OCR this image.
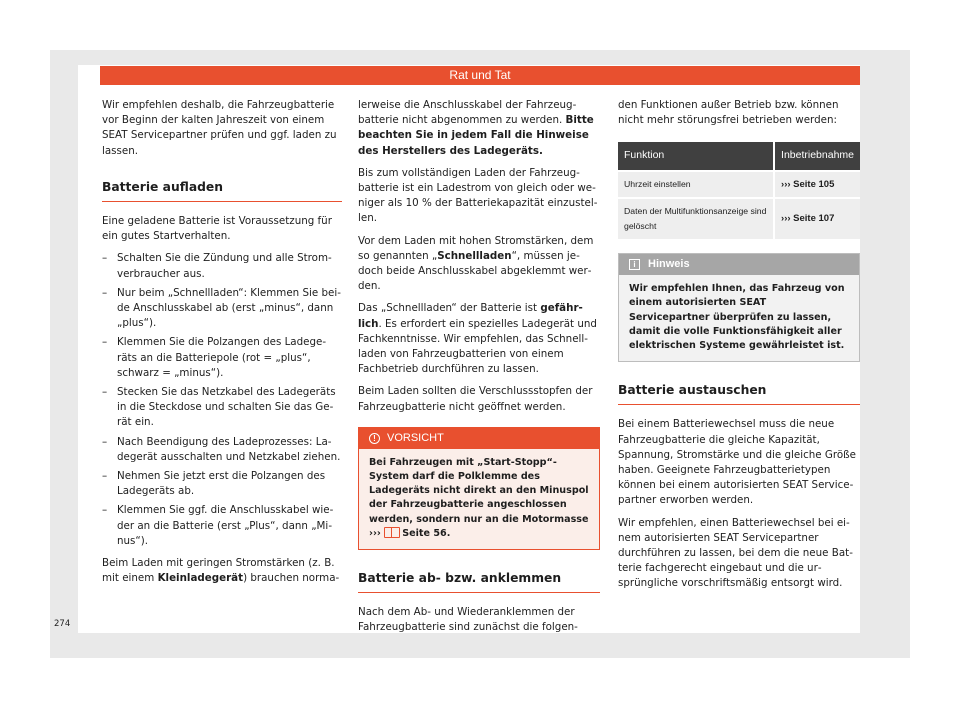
Rat und Tat
274

Wir empfehlen deshalb, die Fahrzeugbatterie vor Beginn der kalten Jahreszeit von einem SEAT Servicepartner prüfen und ggf. laden zu lassen.

Batterie aufladen

Eine geladene Batterie ist Voraussetzung für ein gutes Startverhalten.

– Schalten Sie die Zündung und alle Stromverbraucher aus.
– Nur beim „Schnellladen“: Klemmen Sie beide Anschlusskabel ab (erst „minus“, dann „plus“).
– Klemmen Sie die Polzangen des Ladegeräts an die Batteriepole (rot = „plus“, schwarz = „minus“).
– Stecken Sie das Netzkabel des Ladegeräts in die Steckdose und schalten Sie das Gerät ein.
– Nach Beendigung des Ladeprozesses: Ladegerät ausschalten und Netzkabel ziehen.
– Nehmen Sie jetzt erst die Polzangen des Ladegeräts ab.
– Klemmen Sie ggf. die Anschlusskabel wieder an die Batterie (erst „Plus“, dann „Minus“).

Beim Laden mit geringen Stromstärken (z. B. mit einem Kleinladegerät) brauchen norma-

lerweise die Anschlusskabel der Fahrzeugbatterie nicht abgenommen zu werden. Bitte beachten Sie in jedem Fall die Hinweise des Herstellers des Ladegeräts.

Bis zum vollständigen Laden der Fahrzeugbatterie ist ein Ladestrom von gleich oder weniger als 10 % der Batteriekapazität einzustellen.

Vor dem Laden mit hohen Stromstärken, dem so genannten „Schnellladen“, müssen jedoch beide Anschlusskabel abgeklemmt werden.

Das „Schnellladen“ der Batterie ist gefährlich. Es erfordert ein spezielles Ladegerät und Fachkenntnisse. Wir empfehlen, das Schnellladen von Fahrzeugbatterien von einem Fachbetrieb durchführen zu lassen.

Beim Laden sollten die Verschlussstopfen der Fahrzeugbatterie nicht geöffnet werden.

!	VORSICHT
Bei Fahrzeugen mit „Start-Stopp“-System darf die Polklemme des Ladegeräts nicht direkt an den Minuspol der Fahrzeugbatterie angeschlossen werden, sondern nur an die Motormasse ››› Seite 56.
Batterie ab- bzw. anklemmen

Nach dem Ab- und Wiederanklemmen der Fahrzeugbatterie sind zunächst die folgen-

den Funktionen außer Betrieb bzw. können nicht mehr störungsfrei betrieben werden:

Funktion	Inbetriebnahme
Uhrzeit einstellen	››› Seite 105
Daten der Multifunktionsanzeige sind gelöscht	››› Seite 107
i	Hinweis
Wir empfehlen Ihnen, das Fahrzeug von einem autorisierten SEAT Servicepartner überprüfen zu lassen, damit die volle Funktionsfähigkeit aller elektrischen Systeme gewährleistet ist.
Batterie austauschen

Bei einem Batteriewechsel muss die neue Fahrzeugbatterie die gleiche Kapazität, Spannung, Stromstärke und die gleiche Größe haben. Geeignete Fahrzeugbatterietypen können bei einem autorisierten SEAT Servicepartner erworben werden.

Wir empfehlen, einen Batteriewechsel bei einem autorisierten SEAT Servicepartner durchführen zu lassen, bei dem die neue Batterie fachgerecht eingebaut und die ursprüngliche vorschriftsmäßig entsorgt wird.
